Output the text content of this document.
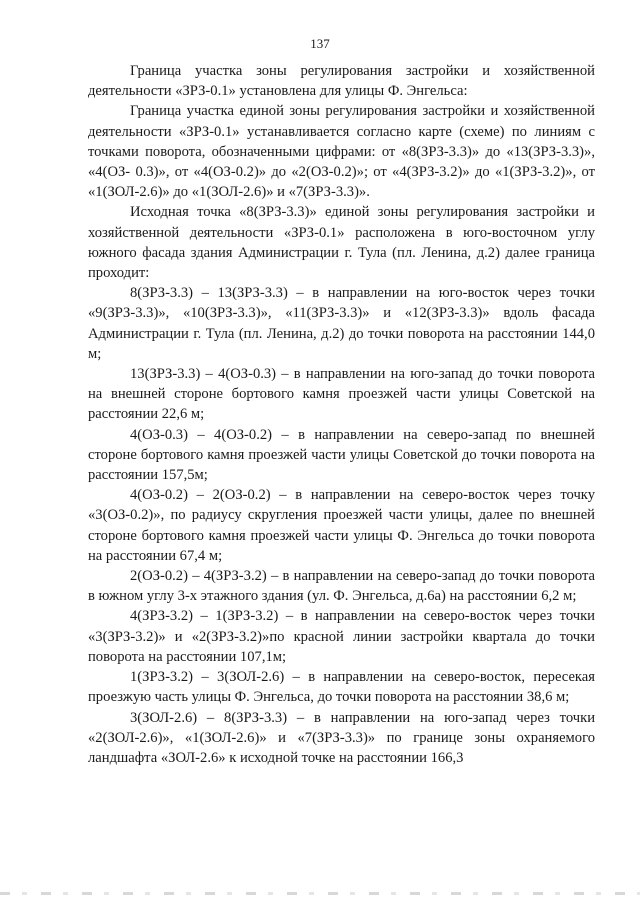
137

Граница участка зоны регулирования застройки и хозяйственной деятельности «ЗРЗ-0.1» установлена для улицы Ф. Энгельса:

Граница участка единой зоны регулирования застройки и хозяйственной деятельности «ЗРЗ-0.1» устанавливается согласно карте (схеме) по линиям с точками поворота, обозначенными цифрами: от «8(ЗРЗ-3.3)» до «13(ЗРЗ-3.3)», «4(ОЗ- 0.3)», от «4(ОЗ-0.2)» до «2(ОЗ-0.2)»; от «4(ЗРЗ-3.2)» до «1(ЗРЗ-3.2)», от «1(ЗОЛ-2.6)» до «1(ЗОЛ-2.6)» и «7(ЗРЗ-3.3)».

Исходная точка «8(ЗРЗ-3.3)» единой зоны регулирования застройки и хозяйственной деятельности «ЗРЗ-0.1» расположена в юго-восточном углу южного фасада здания Администрации г. Тула (пл. Ленина, д.2) далее граница проходит:

8(ЗРЗ-3.3) – 13(ЗРЗ-3.3) – в направлении на юго-восток через точки «9(ЗРЗ-3.3)», «10(ЗРЗ-3.3)», «11(ЗРЗ-3.3)» и «12(ЗРЗ-3.3)» вдоль фасада Администрации г. Тула (пл. Ленина, д.2) до точки поворота на расстоянии 144,0 м;

13(ЗРЗ-3.3) – 4(ОЗ-0.3) – в направлении на юго-запад до точки поворота на внешней стороне бортового камня проезжей части улицы Советской на расстоянии 22,6 м;

4(ОЗ-0.3) – 4(ОЗ-0.2) – в направлении на северо-запад по внешней стороне бортового камня проезжей части улицы Советской до точки поворота на расстоянии 157,5м;

4(ОЗ-0.2) – 2(ОЗ-0.2) – в направлении на северо-восток через точку «3(ОЗ-0.2)», по радиусу скругления проезжей части улицы, далее по внешней стороне бортового камня проезжей части улицы Ф. Энгельса до точки поворота на расстоянии 67,4 м;

2(ОЗ-0.2) – 4(ЗРЗ-3.2) – в направлении на северо-запад до точки поворота в южном углу 3-х этажного здания (ул. Ф. Энгельса, д.6а) на расстоянии 6,2 м;

4(ЗРЗ-3.2) – 1(ЗРЗ-3.2) – в направлении на северо-восток через точки «3(ЗРЗ-3.2)» и «2(ЗРЗ-3.2)»по красной линии застройки квартала до точки поворота на расстоянии 107,1м;

1(ЗРЗ-3.2) – 3(ЗОЛ-2.6) – в направлении на северо-восток, пересекая проезжую часть улицы Ф. Энгельса, до точки поворота на расстоянии 38,6 м;

3(ЗОЛ-2.6) – 8(ЗРЗ-3.3) – в направлении на юго-запад через точки «2(ЗОЛ-2.6)», «1(ЗОЛ-2.6)» и «7(ЗРЗ-3.3)» по границе зоны охраняемого ландшафта «ЗОЛ-2.6» к исходной точке на расстоянии 166,3
